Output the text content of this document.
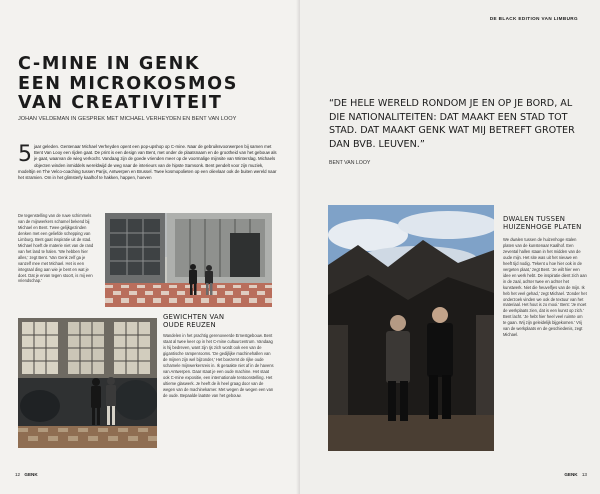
C-MINE IN GENK
EEN MICROKOSMOS
VAN CREATIVITEIT
JOHAN VELDEMAN IN GESPREK MET MICHAEL VERHEYDEN EN BENT VAN LOOY
5 jaar geleden. Gentenaar Michael Verheyden opent een pop-upshop op C-mine. Naar de gebruiksvoorwerpen bij samen met Bent Van Looy een rijden gaat. De print is een design van Bent, met onder de plaatsnaam en de grootheid van het gebouw als je gaat, waarvan de wieg verkocht. Vandaag zijn de goede vrienden meer op de voormalige mijnsite van Winterslag. Michaels objecten winden inmiddels wereldwijd de weg naar de interieurs van de hipste Samsonk. Bent pendelt voor zijn muziek, modeltijn en The Velco-coaching tussen Parijs, Antwerpen en Brussel. Twee kosmopolieten op een olievlaar ook de buiten wereld naar het stramien. Om in het glimsterly kaalhof te hakken, happen, hoeven
De tegenstelling van de ruwe schimmels van de mijnwerkers schamel bekend bij Michael en Bent. Twee gelijkgezinden denken met een geliefde schepping van Limburg. Bent gaat inspiratie uit de stad. Michael hoeft de materie niet van de rand van het land te halen. 'We hebben hier alles,' zegt Bent. 'Van Genk zelf ga je vanzelf mee met Michael. Het is een integraal ding aan wie je bent en wat je doet. Dat je ervan tegen stoort, is mij een vriendschap.'
GEWICHTEN VAN
OUDE REUZEN
Wandelen in het prachtig gerenoveerde Ernestgebouw. Bent staat al twee keer op in het C-mine cultuurcentrum. Vandaag is hij bedreven, want zijn Ijs zich wordt ook een van de gigantische rampenrooms. 'De gedijlijke machinehallen van de mijnen zijn wel bijzonder,' Het boezemt de rijke oude schamele mijnwerkersreis in. Ik geraakte niet af in de havens van Antwerpen. Daar staat je een oude machine. Het staat ook C-mine expositie, een internationale tentoonstelling. Het ultieme glaswerk. Je heeft de ik heel graag door van de wegen van de machinekamer. Met wegen de wegen een van de oude. Bepaalde laatste van het gebouw.
12 GENK
DE BLACK EDITION VAN LIMBURG
GENK 13
“DE HELE WERELD RONDOM JE EN OP JE BORD, AL DIE NATIONALITEITEN: DAT MAAKT EEN STAD TOT STAD. DAT MAAKT GENK WAT MIJ BETREFT GROTER DAN BVB. LEUVEN.”
BENT VAN LOOY
DWALEN TUSSEN
HUIZENHOGE PLATEN
We dwalen tussen de huizenhoge stalen platen van de kunstenaar Kaalhof. Een zevental hallen staan in het midden van de oude mijn. Het site was uit het nieuwe en heeft tijd nodig. 'Tekent u hoe hier ook in de vergeten plaat,' zegt Bent. 'Je wilt hier een idee en werk hebt. De inspiratie dient zich aan in de zaal, achter twee en achter het kunstwerk. Niet die heuvelfjes van de mijn. Ik heb het veel gehad,' zegt Michael. 'Zonder het onderzoek vinden we ook de textuur van het materiaal. Het hout is zo mooi.' Bent: 'Je moet de werkplaats zien, dat is een kunst op zich.' Bent lacht. 'Je hebt hier heel veel ruimte om te gaan. Wij zijn geleidelijk bijgekomen.' Vrij van de werkplaats en de geschiedenis, zegt Michael.
